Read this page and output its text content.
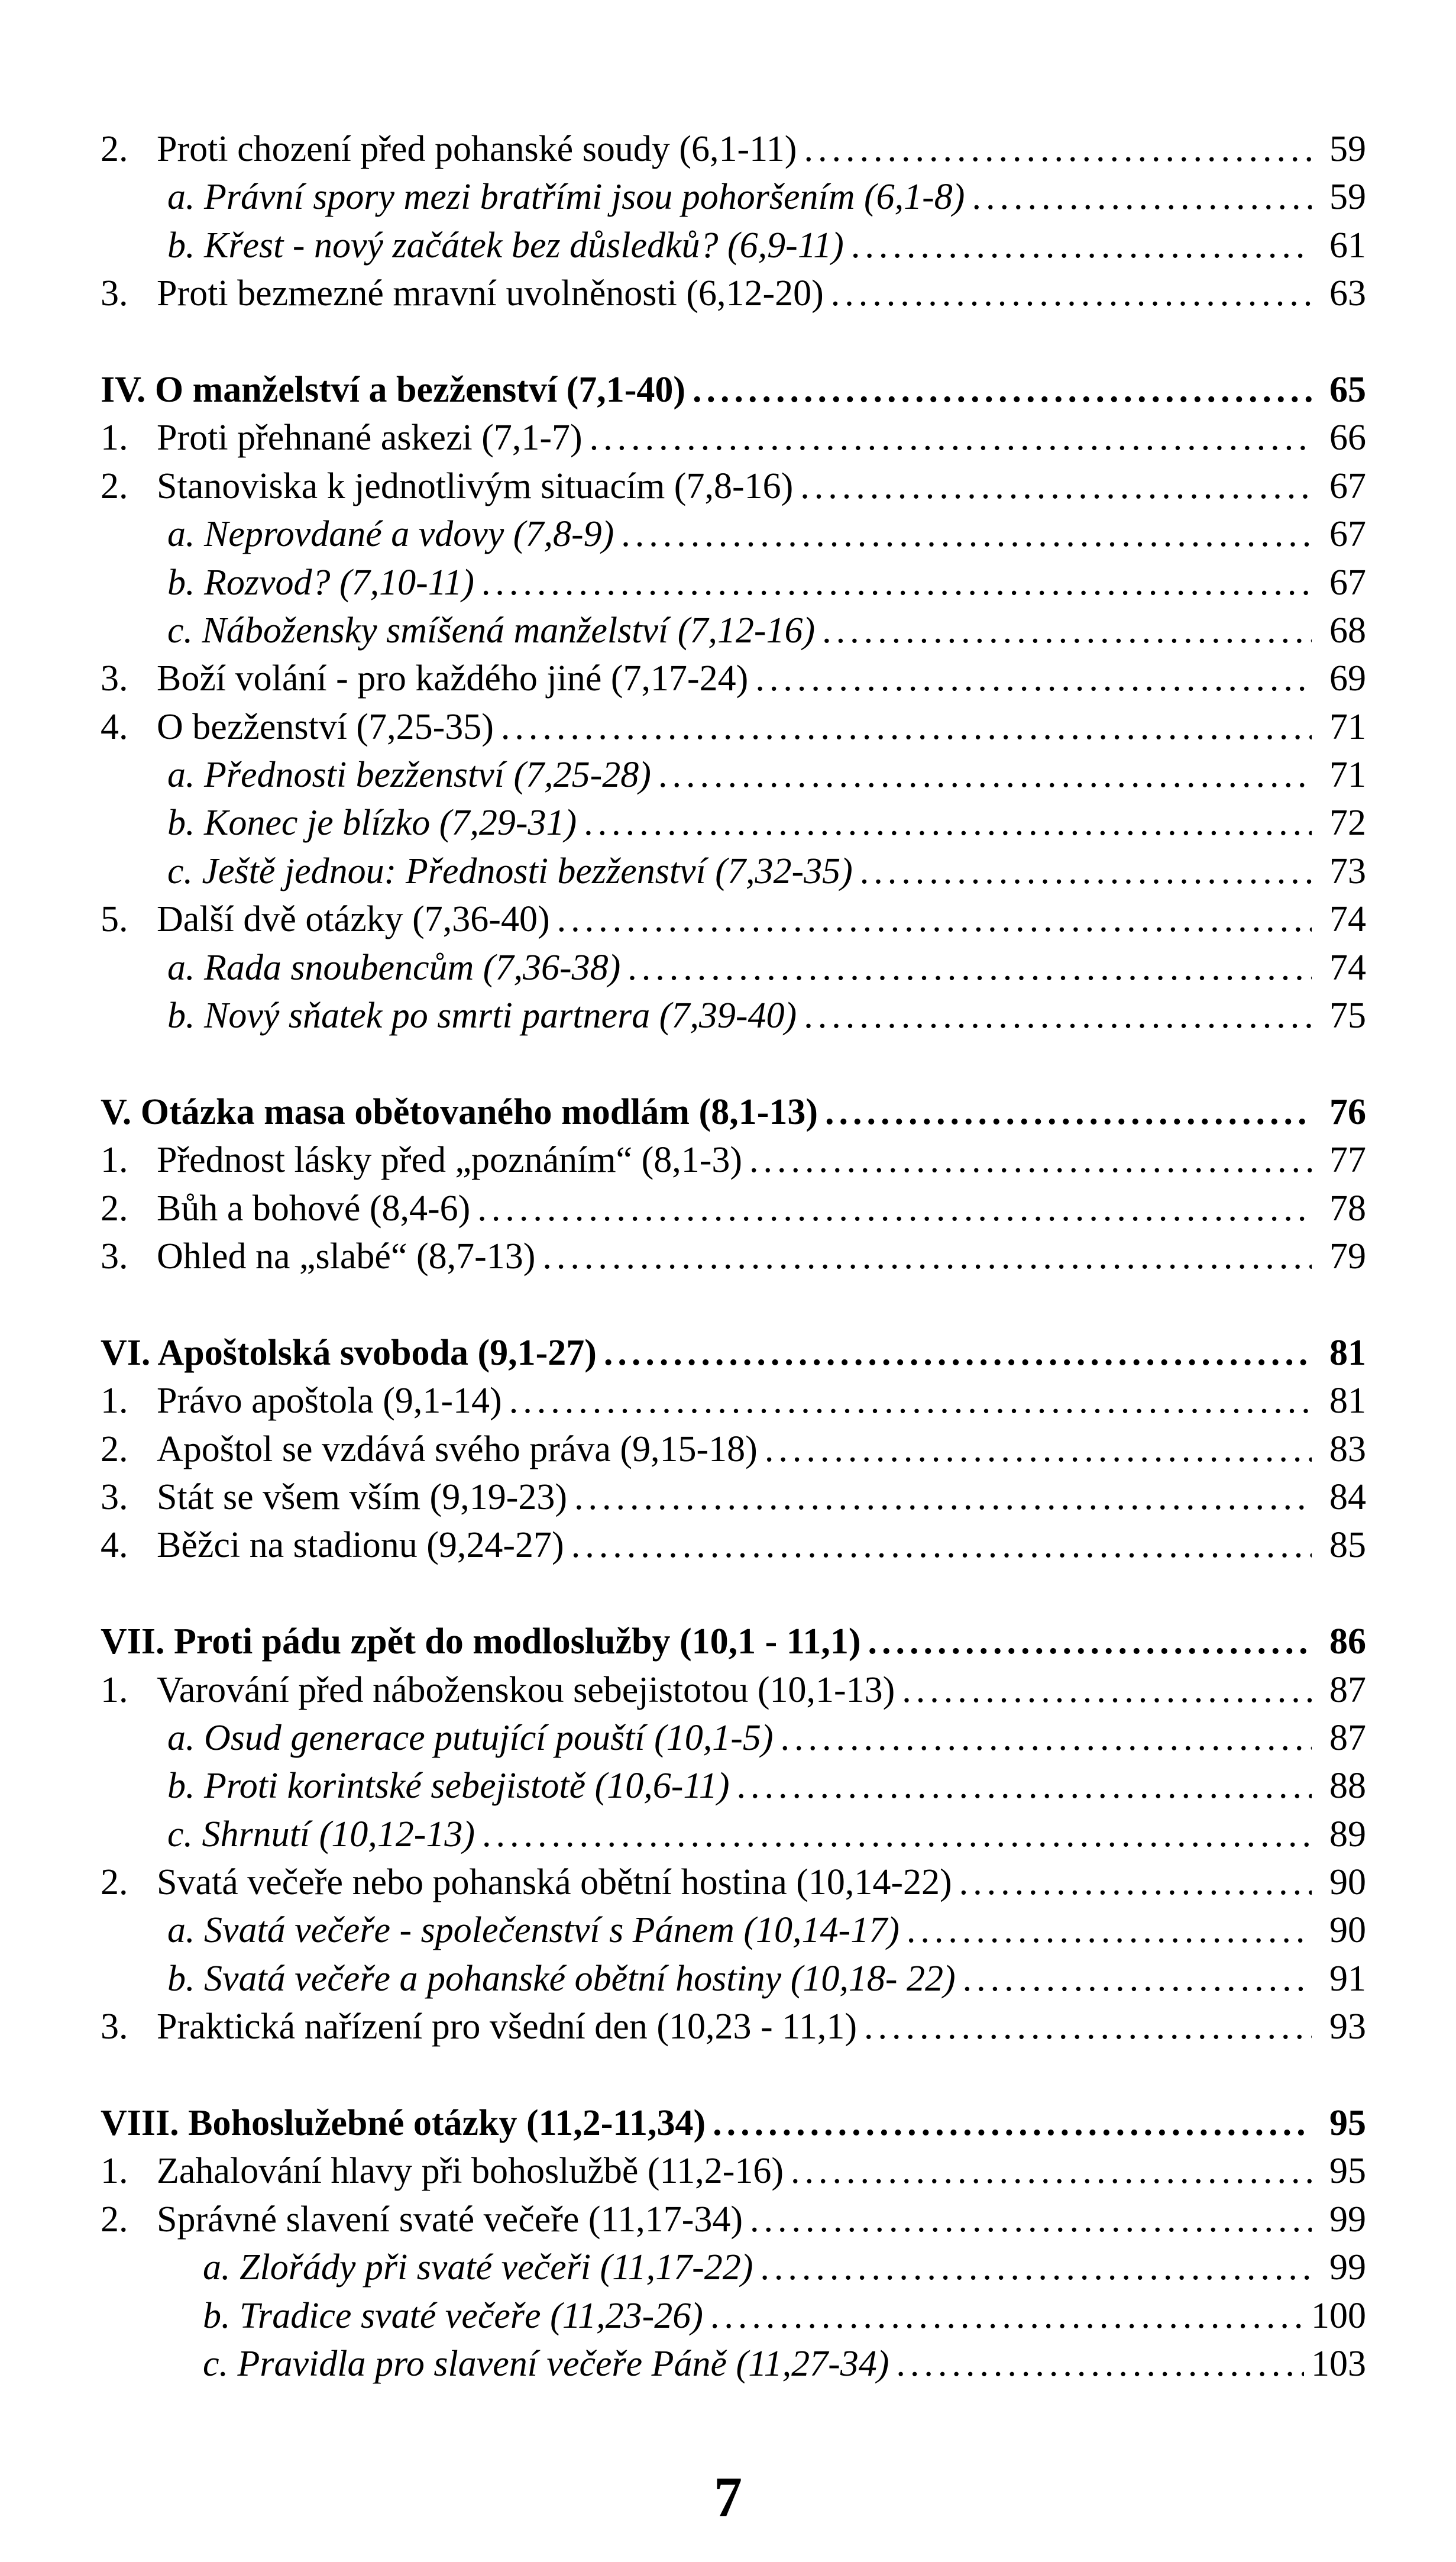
2. Proti chození před pohanské soudy (6,1-11) .....	59
a. Právní spory mezi bratřími jsou pohoršením (6,1-8) .....	59
b. Křest - nový začátek bez důsledků? (6,9-11) .....	61
3. Proti bezmezné mravní uvolněnosti (6,12-20) .....	63
IV. O manželství a bezženství (7,1-40) .....	65
1. Proti přehnané askezi (7,1-7) .....	66
2. Stanoviska k jednotlivým situacím (7,8-16) .....	67
a. Neprovdané a vdovy (7,8-9) .....	67
b. Rozvod? (7,10-11) .....	67
c. Nábožensky smíšená manželství (7,12-16) .....	68
3. Boží volání - pro každého jiné (7,17-24) .....	69
4. O bezženství (7,25-35) .....	71
a. Přednosti bezženství (7,25-28) .....	71
b. Konec je blízko (7,29-31) .....	72
c. Ještě jednou: Přednosti bezženství (7,32-35) .....	73
5. Další dvě otázky (7,36-40) .....	74
a. Rada snoubencům (7,36-38) .....	74
b. Nový sňatek po smrti partnera (7,39-40) .....	75
V. Otázka masa obětovaného modlám (8,1-13) .....	76
1. Přednost lásky před „poznáním“ (8,1-3) .....	77
2. Bůh a bohové (8,4-6) .....	78
3. Ohled na „slabé“ (8,7-13) .....	79
VI. Apoštolská svoboda (9,1-27) .....	81
1. Právo apoštola (9,1-14) .....	81
2. Apoštol se vzdává svého práva (9,15-18) .....	83
3. Stát se všem vším (9,19-23) .....	84
4. Běžci na stadionu (9,24-27) .....	85
VII. Proti pádu zpět do modloslužby (10,1 - 11,1) .....	86
1. Varování před náboženskou sebejistotou (10,1-13) .....	87
a. Osud generace putující pouští (10,1-5) .....	87
b. Proti korintské sebejistotě (10,6-11) .....	88
c. Shrnutí (10,12-13) .....	89
2. Svatá večeře nebo pohanská obětní hostina (10,14-22) .....	90
a. Svatá večeře - společenství s Pánem (10,14-17) .....	90
b. Svatá večeře a pohanské obětní hostiny (10,18- 22) .....	91
3. Praktická nařízení pro všední den (10,23 - 11,1) .....	93
VIII. Bohoslužebné otázky (11,2-11,34) .....	95
1. Zahalování hlavy při bohoslužbě (11,2-16) .....	95
2. Správné slavení svaté večeře (11,17-34) .....	99
a. Zlořády při svaté večeři (11,17-22) .....	99
b. Tradice svaté večeře (11,23-26) .....	100
c. Pravidla pro slavení večeře Páně (11,27-34) .....	103
7
